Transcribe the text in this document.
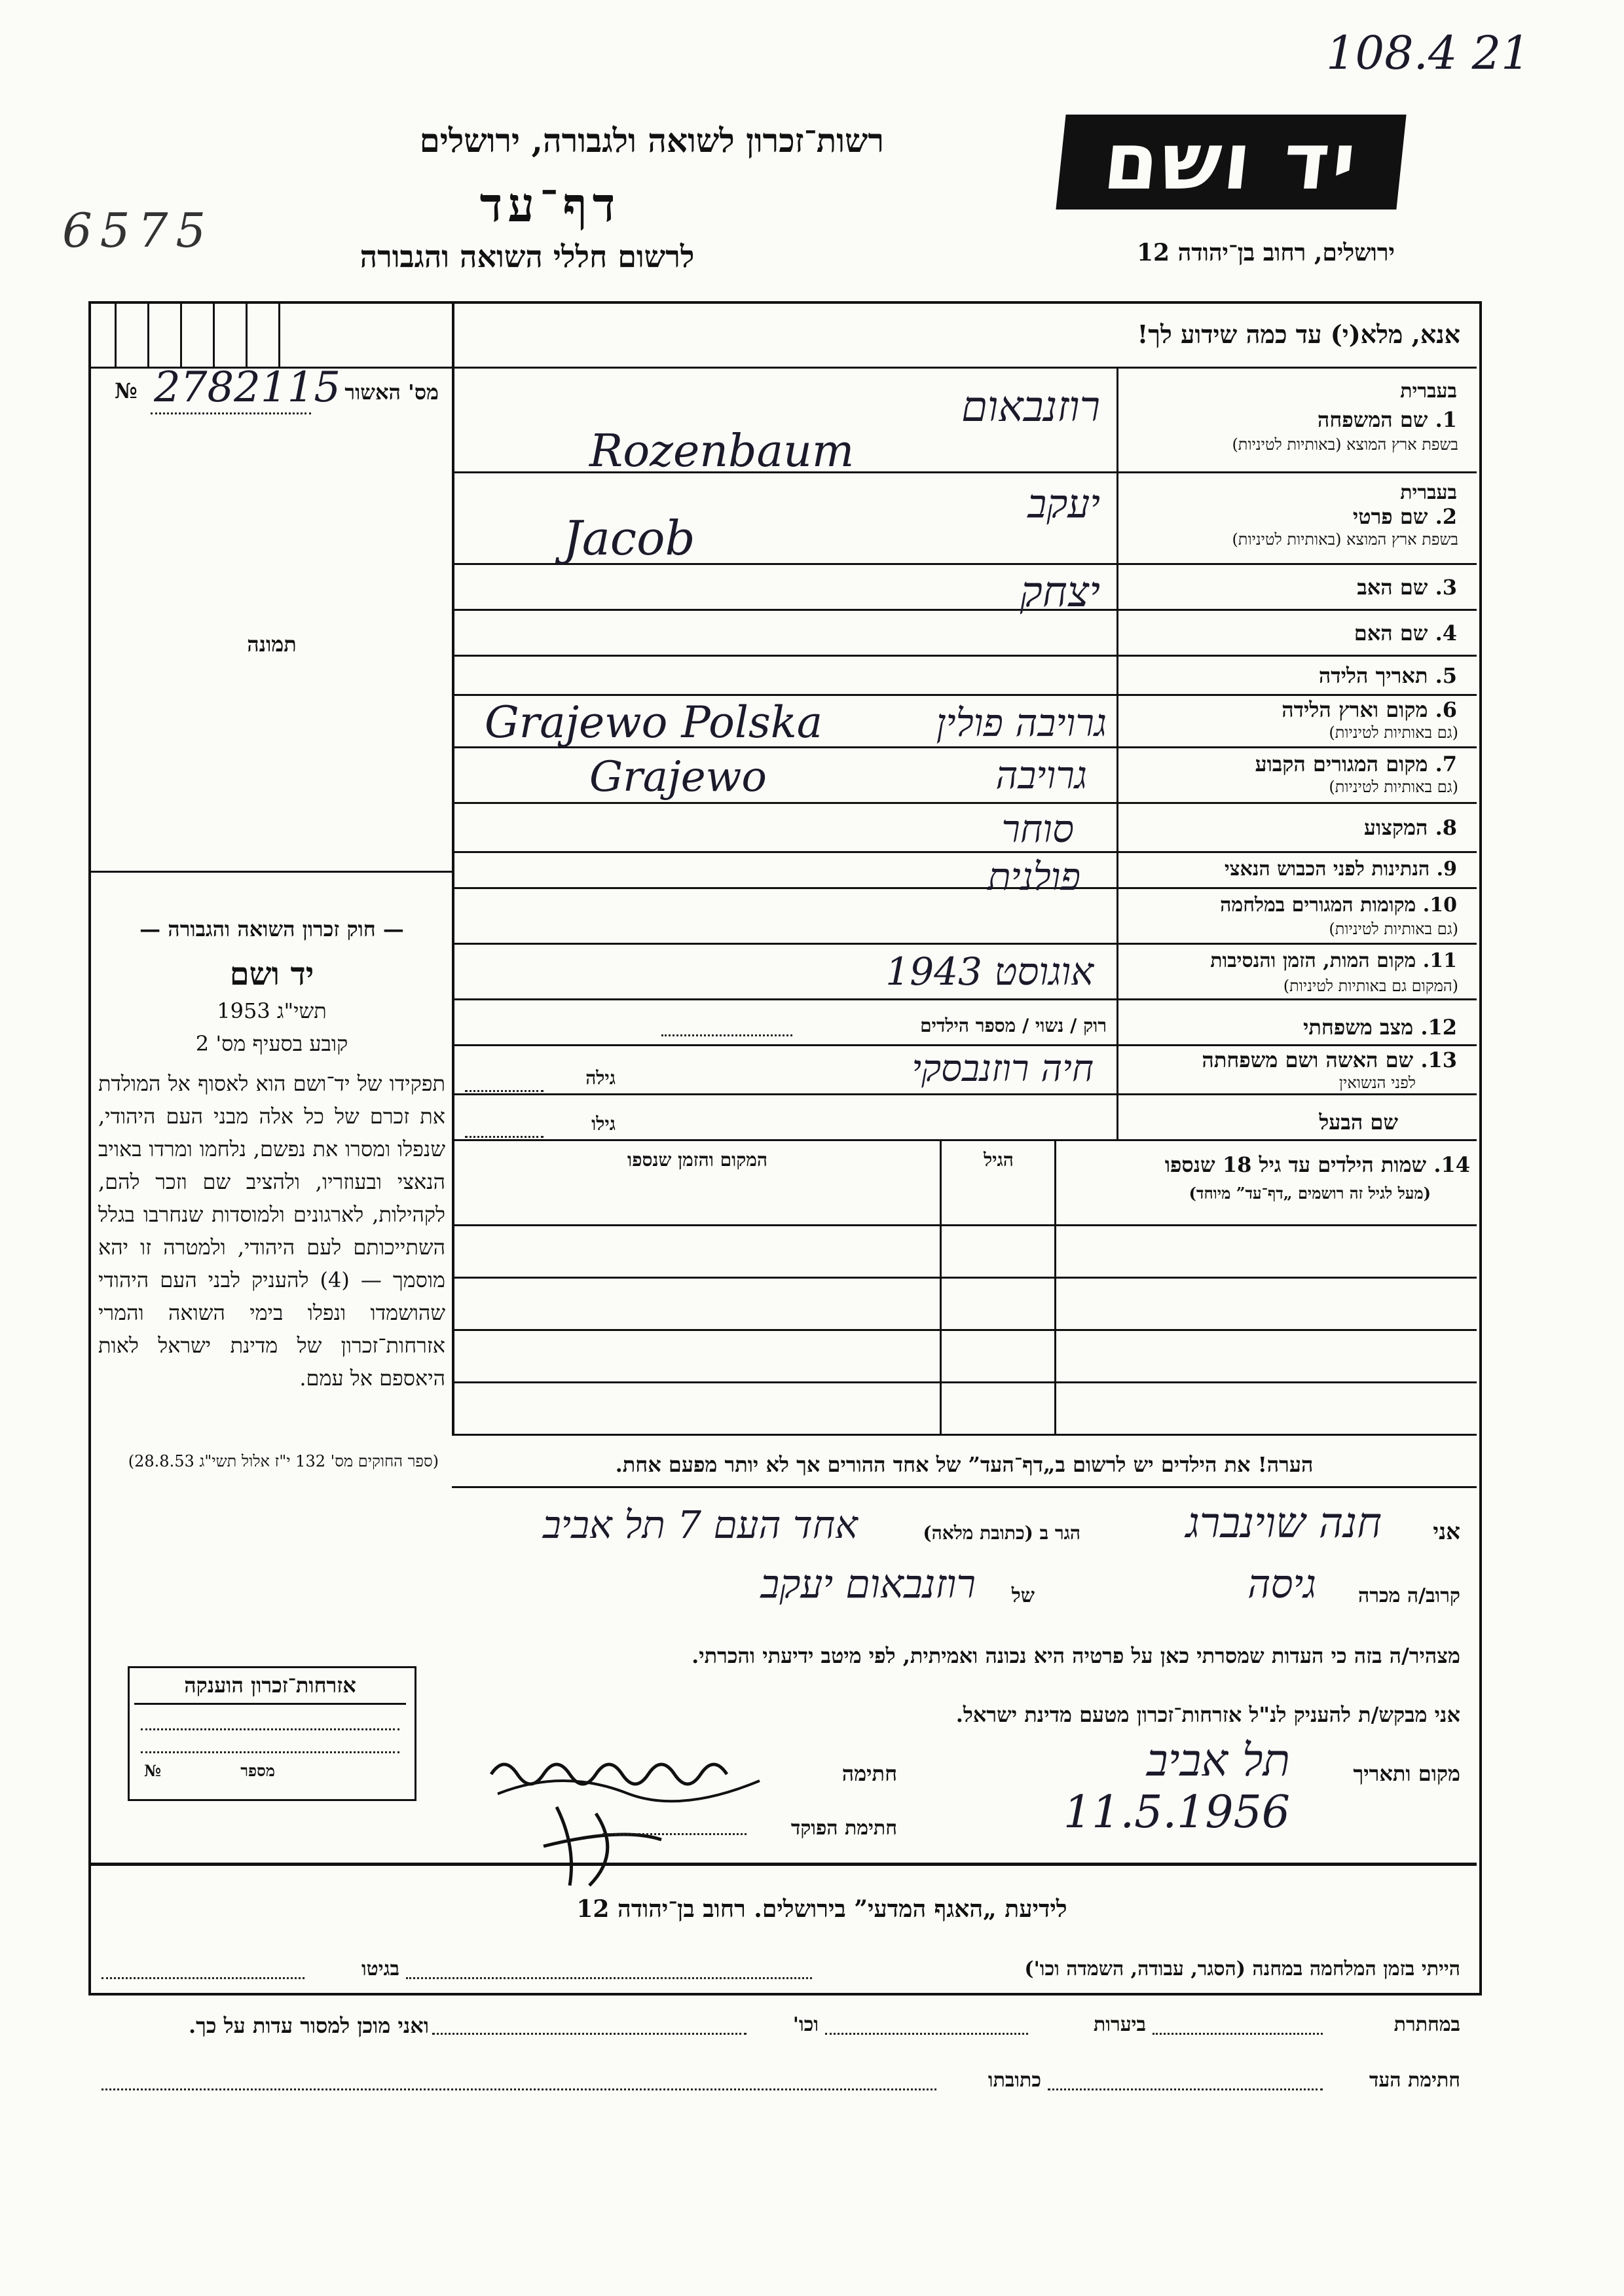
108.4 21
6575
רשות־זכרון לשואה ולגבורה, ירושלים
דף־עד
לרשום חללי השואה והגבורה
יד ושם
ירושלים, רחוב בן־יהודה 12
אנא, מלא(י) עד כמה שידוע לך!
מס' האשור
№ 2782115
תמונה
— חוק זכרון השואה והגבורה —
יד ושם
תשי"ג 1953
קובע בסעיף מס' 2
תפקידו של יד־ושם הוא לאסוף אל המולדת את זכרם של כל אלה מבני העם היהודי, שנפלו ומסרו את נפשם, נלחמו ומרדו באויב הנאצי ובעוזריו, ולהציב שם וזכר להם, לקהילות, לארגונים ולמוסדות שנחרבו בגלל השתייכותם לעם היהודי, ולמטרה זו יהא מוסמך — (4) להעניק לבני העם היהודי שהושמדו ונפלו בימי השואה והמרי אזרחות־זכרון של מדינת ישראל לאות היאספם אל עמם.
(ספר החוקים מס' 132 י"ז אלול תשי"ג 28.8.53)
בעברית
1. שם המשפחה
בשפת ארץ המוצא (באותיות לטיניות)
רוזנבאום
Rozenbaum
בעברית
2. שם פרטי
בשפת ארץ המוצא (באותיות לטיניות)
יעקב
Jacob
3. שם האב
יצחק
4. שם האם
5. תאריך הלידה
6. מקום וארץ הלידה
(גם באותיות לטיניות)
גרויבה פולין
Grajewo Polska
7. מקום המגורים הקבוע
(גם באותיות לטיניות)
גרויבה
Grajewo
8. המקצוע
סוחר
9. הנתינות לפני הכבוש הנאצי
פולנית
10. מקומות המגורים במלחמה
(גם באותיות לטיניות)
11. מקום המות, הזמן והנסיבות
(המקום גם באותיות לטיניות)
אוגוסט 1943
12. מצב משפחתי
רוק / נשוי / מספר הילדים
13. שם האשה ושם משפחתה
לפני הנשואין
חיה רוזנבסקי
גילה
שם הבעל
גילו
14. שמות הילדים עד גיל 18 שנספו
(מעל לגיל זה רושמים „דף־עד” מיוחד)
הגיל
המקום והזמן שנספו
הערה! את הילדים יש לרשום ב„דף־העד” של אחד ההורים אך לא יותר מפעם אחת.
אני
חנה שוינברג
הגר ב (כתובת מלאה)
אחד העם 7 תל אביב
קרוב/ה מכרה
גיסה
של
רוזנבאום יעקב
מצהיר/ה בזה כי העדות שמסרתי כאן על פרטיה היא נכונה ואמיתית, לפי מיטב ידיעתי והכרתי.
אני מבקש/ת להעניק לנ"ל אזרחות־זכרון מטעם מדינת ישראל.
מקום ותאריך
תל אביב 11.5.1956
חתימה
חתימת הפוקד
אזרחות־זכרון הוענקה
מספר
№
לידיעת „האגף המדעי” בירושלים. רחוב בן־יהודה 12
הייתי בזמן המלחמה במחנה (הסגר, עבודה, השמדה וכו')
בגיטו
במחתרת
ביערות
וכו'
ואני מוכן למסור עדות על כך.
חתימת העד
כתובתו
